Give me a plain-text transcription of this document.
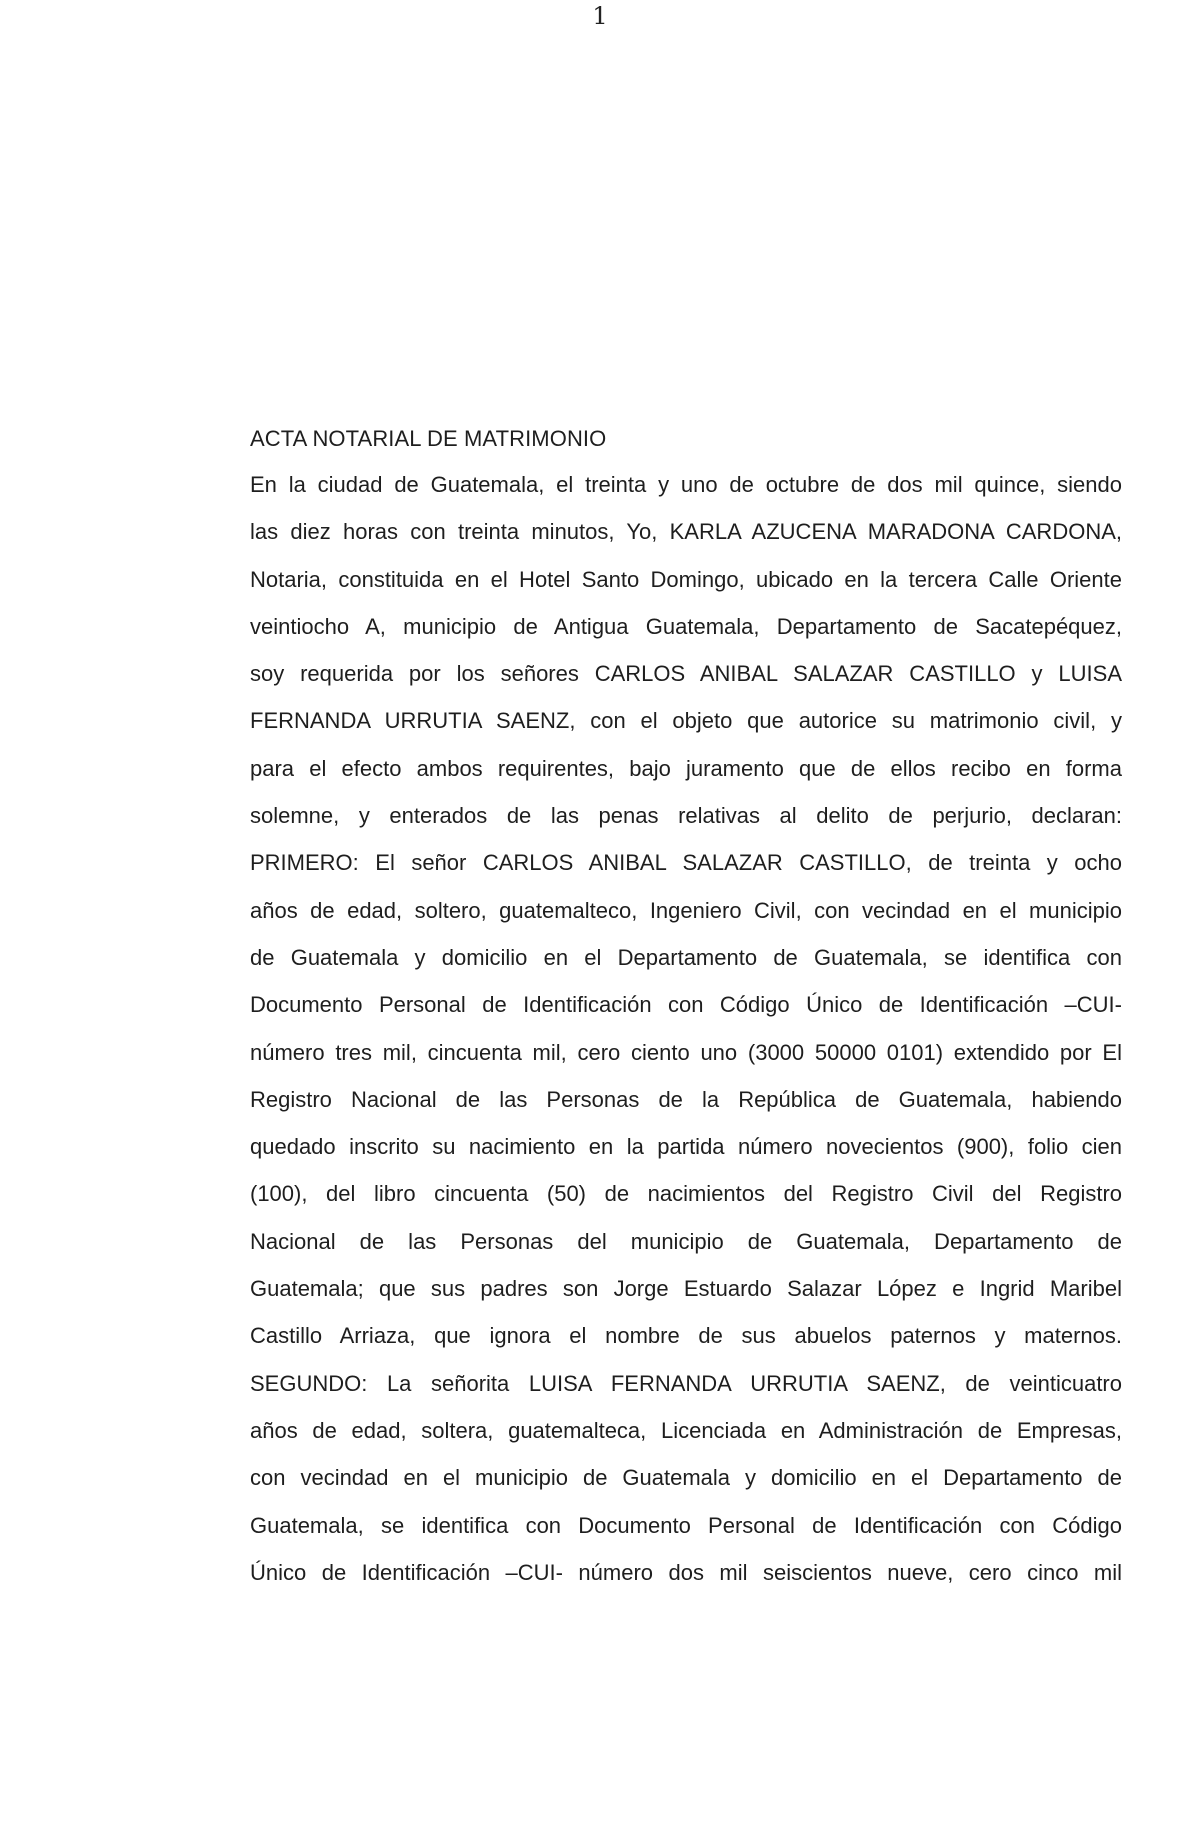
1
ACTA NOTARIAL DE MATRIMONIO
En la ciudad de Guatemala, el treinta y uno de octubre de dos mil quince, siendo
las diez horas con treinta minutos, Yo, KARLA AZUCENA MARADONA CARDONA,
Notaria, constituida en el Hotel Santo Domingo, ubicado en la tercera Calle Oriente
veintiocho A, municipio de Antigua Guatemala, Departamento de Sacatepéquez,
soy requerida por los señores CARLOS ANIBAL SALAZAR CASTILLO y LUISA
FERNANDA URRUTIA SAENZ, con el objeto que autorice su matrimonio civil, y
para el efecto ambos requirentes, bajo juramento que de ellos recibo en forma
solemne, y enterados de las penas relativas al delito de perjurio, declaran:
PRIMERO: El señor CARLOS ANIBAL SALAZAR CASTILLO, de treinta y ocho
años de edad, soltero, guatemalteco, Ingeniero Civil, con vecindad en el municipio
de Guatemala y domicilio en el Departamento de Guatemala, se identifica con
Documento Personal de Identificación con Código Único de Identificación –CUI-
número tres mil, cincuenta mil, cero ciento uno (3000 50000 0101) extendido por El
Registro Nacional de las Personas de la República de Guatemala, habiendo
quedado inscrito su nacimiento en la partida número novecientos (900), folio cien
(100), del libro cincuenta (50) de nacimientos del Registro Civil del Registro
Nacional de las Personas del municipio de Guatemala, Departamento de
Guatemala; que sus padres son Jorge Estuardo Salazar López e Ingrid Maribel
Castillo Arriaza, que ignora el nombre de sus abuelos paternos y maternos.
SEGUNDO: La señorita LUISA FERNANDA URRUTIA SAENZ, de veinticuatro
años de edad, soltera, guatemalteca, Licenciada en Administración de Empresas,
con vecindad en el municipio de Guatemala y domicilio en el Departamento de
Guatemala, se identifica con Documento Personal de Identificación con Código
Único de Identificación –CUI- número dos mil seiscientos nueve, cero cinco mil
